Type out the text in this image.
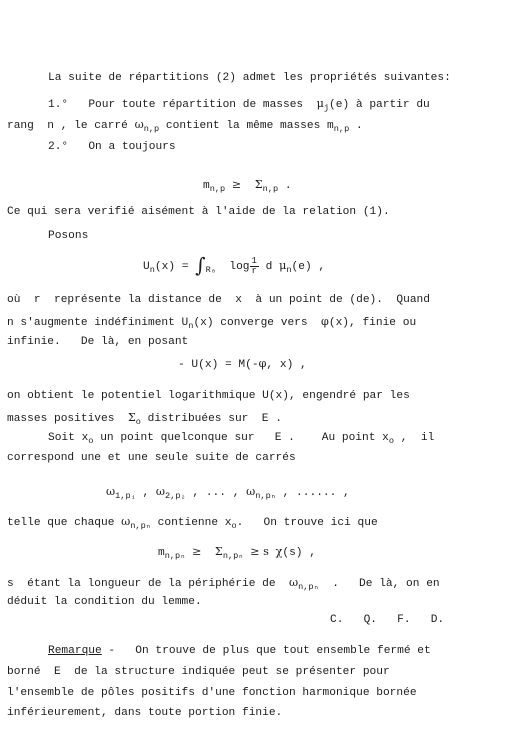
La suite de répartitions (2) admet les propriétés suivantes:
1.° Pour toute répartition de masses $\mu_j(e)$ à partir du
rang  n , le carré $\omega_{n,p}$ contient la même masses $m_{n,p}$ .
2.° On a toujours
$m_{n,p} \ge \Sigma_{n,p}$ .
Ce qui sera verifié aisément à l'aide de la relation (1).
Posons
$U_n(x) = \int_{R_0}$ $\log \frac{1}{r}$ d $\mu_n(e)$ ,
où  r  représente la distance de  x  à un point de (de).  Quand
n s'augmente indéfiniment $U_n(x)$ converge vers φ(x), finie ou
infinie.   De là, en posant
- U(x) = M(-φ, x) ,
on obtient le potentiel logarithmique U(x), engendré par les
masses positives $\Sigma_o$ distribuées sur  E .
Soit $x_o$ un point quelconque sur   E .    Au point $x_o$ ,  il
correspond une et une seule suite de carrés
$\omega_{1,p_1}$ , $\omega_{2,p_2}$ , ... , $\omega_{n,p_n}$ , ...... ,
telle que chaque $\omega_{n,p_n}$ contienne $x_o$.   On trouve ici que
$m_{n,p_n} \ge \Sigma_{n,p_n} \ge s$ χ(s) ,
s  étant la longueur de la périphérie de $\omega_{n,p_n}$ .   De là, on en
déduit la condition du lemme.
C.   Q.   F.   D.
Remarque -   On trouve de plus que tout ensemble fermé et
borné  E  de la structure indiquée peut se présenter pour
l'ensemble de pôles positifs d'une fonction harmonique bornée
inférieurement, dans toute portion finie.
